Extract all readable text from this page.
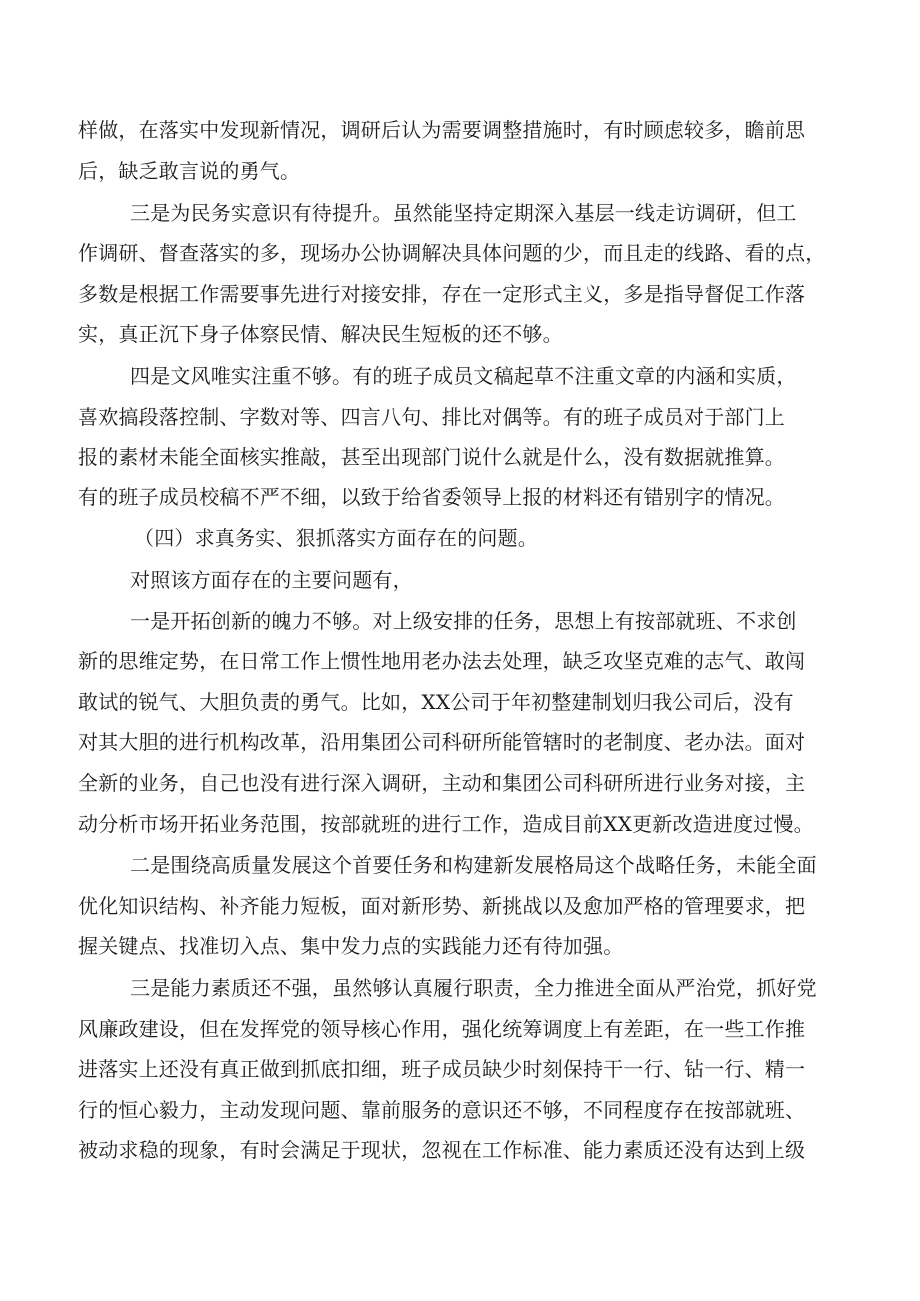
样做，在落实中发现新情况，调研后认为需要调整措施时，有时顾虑较多，瞻前思
后，缺乏敢言说的勇气。
三是为民务实意识有待提升。虽然能坚持定期深入基层一线走访调研，但工
作调研、督查落实的多，现场办公协调解决具体问题的少，而且走的线路、看的点，
多数是根据工作需要事先进行对接安排，存在一定形式主义，多是指导督促工作落
实，真正沉下身子体察民情、解决民生短板的还不够。
四是文风唯实注重不够。有的班子成员文稿起草不注重文章的内涵和实质，
喜欢搞段落控制、字数对等、四言八句、排比对偶等。有的班子成员对于部门上
报的素材未能全面核实推敲，甚至出现部门说什么就是什么，没有数据就推算。
有的班子成员校稿不严不细，以致于给省委领导上报的材料还有错别字的情况。
（四）求真务实、狠抓落实方面存在的问题。
对照该方面存在的主要问题有，
一是开拓创新的魄力不够。对上级安排的任务，思想上有按部就班、不求创
新的思维定势，在日常工作上惯性地用老办法去处理，缺乏攻坚克难的志气、敢闯
敢试的锐气、大胆负责的勇气。比如，XX公司于年初整建制划归我公司后，没有
对其大胆的进行机构改革，沿用集团公司科研所能管辖时的老制度、老办法。面对
全新的业务，自己也没有进行深入调研，主动和集团公司科研所进行业务对接，主
动分析市场开拓业务范围，按部就班的进行工作，造成目前XX更新改造进度过慢。
二是围绕高质量发展这个首要任务和构建新发展格局这个战略任务，未能全面
优化知识结构、补齐能力短板，面对新形势、新挑战以及愈加严格的管理要求，把
握关键点、找准切入点、集中发力点的实践能力还有待加强。
三是能力素质还不强，虽然够认真履行职责，全力推进全面从严治党，抓好党
风廉政建设，但在发挥党的领导核心作用，强化统筹调度上有差距，在一些工作推
进落实上还没有真正做到抓底扣细，班子成员缺少时刻保持干一行、钻一行、精一
行的恒心毅力，主动发现问题、靠前服务的意识还不够，不同程度存在按部就班、
被动求稳的现象，有时会满足于现状，忽视在工作标准、能力素质还没有达到上级
